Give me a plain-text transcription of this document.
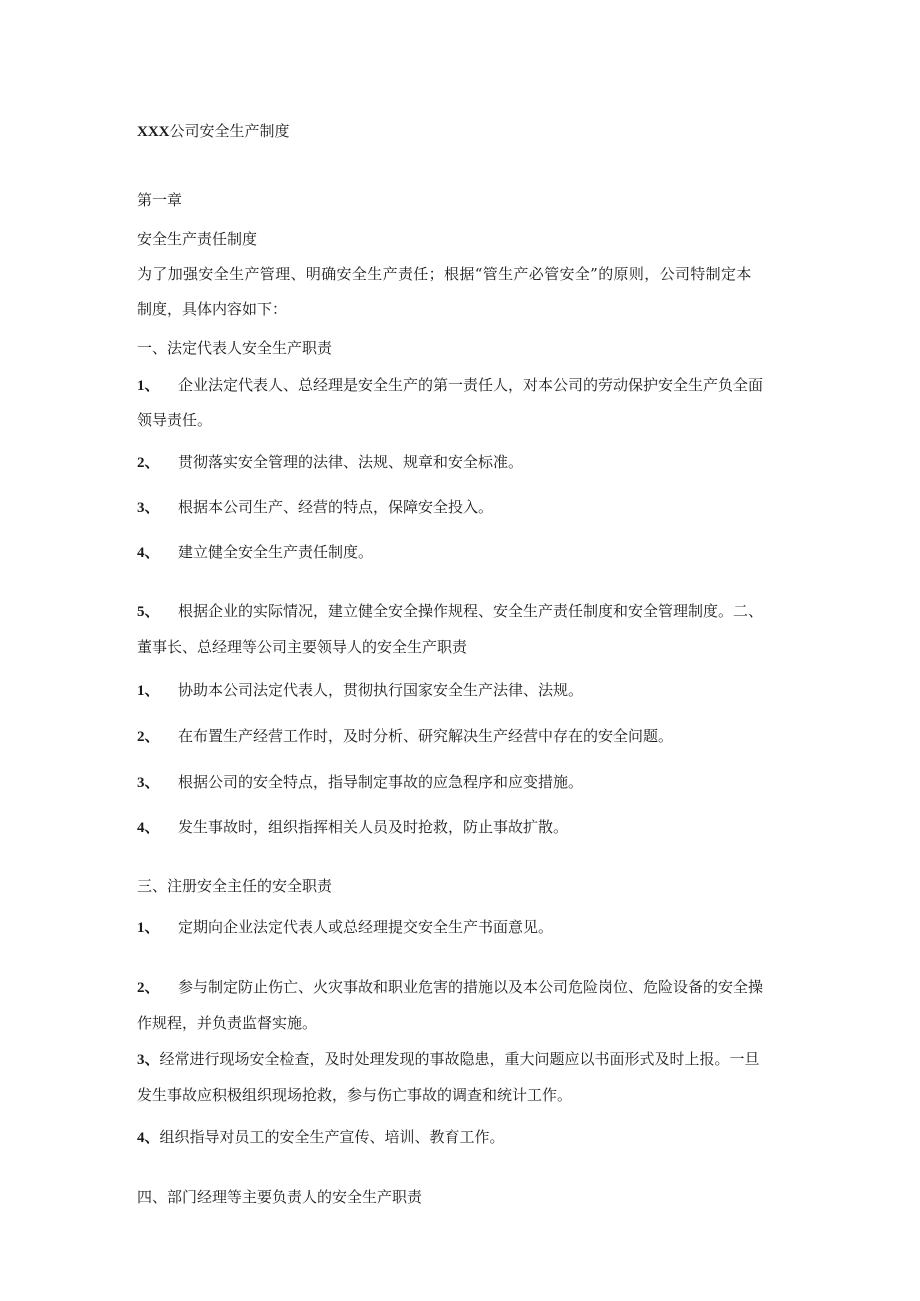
XXX公司安全生产制度
第一章
安全生产责任制度
为了加强安全生产管理、明确安全生产责任；根据“管生产必管安全”的原则，公司特制定本
制度，具体内容如下：
一、法定代表人安全生产职责
1、 企业法定代表人、总经理是安全生产的第一责任人，对本公司的劳动保护安全生产负全面
领导责任。
2、 贯彻落实安全管理的法律、法规、规章和安全标准。
3、 根据本公司生产、经营的特点，保障安全投入。
4、 建立健全安全生产责任制度。
5、 根据企业的实际情况，建立健全安全操作规程、安全生产责任制度和安全管理制度。二、
董事长、总经理等公司主要领导人的安全生产职责
1、 协助本公司法定代表人，贯彻执行国家安全生产法律、法规。
2、 在布置生产经营工作时，及时分析、研究解决生产经营中存在的安全问题。
3、 根据公司的安全特点，指导制定事故的应急程序和应变措施。
4、 发生事故时，组织指挥相关人员及时抢救，防止事故扩散。
三、注册安全主任的安全职责
1、 定期向企业法定代表人或总经理提交安全生产书面意见。
2、 参与制定防止伤亡、火灾事故和职业危害的措施以及本公司危险岗位、危险设备的安全操
作规程，并负责监督实施。
3、经常进行现场安全检查，及时处理发现的事故隐患，重大问题应以书面形式及时上报。一旦
发生事故应积极组织现场抢救，参与伤亡事故的调查和统计工作。
4、组织指导对员工的安全生产宣传、培训、教育工作。
四、部门经理等主要负责人的安全生产职责
